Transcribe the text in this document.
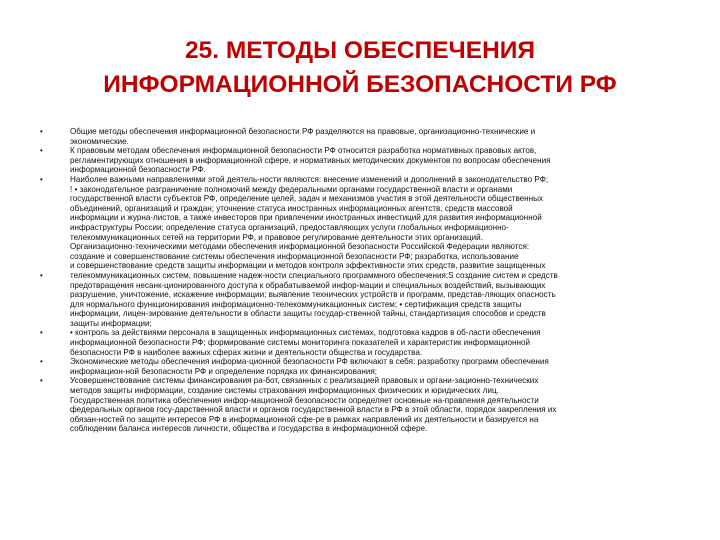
25. МЕТОДЫ ОБЕСПЕЧЕНИЯ
ИНФОРМАЦИОННОЙ БЕЗОПАСНОСТИ РФ
•	Общие методы обеспечения информационной безопасности РФ разделяются на правовые, организационно-технические и
экономические.

•	К правовым методам обеспечения информационной безопасности РФ относится разработка нормативных правовых актов,
регламентирующих отношения в информационной сфере, и нормативных методических документов по вопросам обеспечения
информационной безопасности РФ.

•	Наиболее важными направлениями этой деятель-ности являются: внесение изменений и дополнений в законодательство РФ;
! • законодательное разграничение полномочий между федеральными органами государственной власти и органами
государственной власти субъектов РФ, определение целей, задач и механизмов участия в этой деятельности общественных
объединений, организаций и граждан; уточнение статуса иностранных информационных агентств, средств массовой
информации и журна-листов, а также инвесторов при привлечении иностранных инвестиций для развития информационной
инфраструктуры России; определение статуса организаций, предоставляющих услуги глобальных информационно-
телекоммуникационных сетей на территории РФ, и правовое регулирование деятельности этих организаций.
Организационно-техническими методами обеспечения информационной безопасности Российской Федерации являются:
создание и совершенствование системы обеспечения информационной безопасности РФ; разработка, использование
и совершенствование средств защиты информации и методов контроля эффективности этих средств, развитие защищенных

•	телекоммуникационных систем, повышение надеж-ности специального программного обеспечения;S создание систем и средств
предотвращения несанк-ционированного доступа к обрабатываемой инфор-мации и специальных воздействий, вызывающих
разрушение, уничтожение, искажение информации; выявление технических устройств и программ, представ-ляющих опасность
для нормального функционирования информационно-телекоммуникационных систем; • сертификация средств защиты
информации, лицен-зирование деятельности в области защиты государ-ственной тайны, стандартизация способов и средств
защиты информации;

•	• контроль за действиями персонала в защищенных информационных системах, подготовка кадров в об-ласти обеспечения
информационной безопасности РФ; формирование системы мониторинга показателей и характеристик информационной
безопасности РФ в наиболее важных сферах жизни и деятельности общества и государства.

•	Экономические методы обеспечения информа-ционной безопасности РФ включают в себя: разработку программ обеспечения
информацион-ной безопасности РФ и определение порядка их финансирования;

•	Усовершенствование системы финансирования ра-бот, связанных с реализацией правовых и органи-зационно-технических
методов защиты информации, создание системы страхования информационных физических и юридических лиц.
Государственная политика обеспечения инфор-мационной безопасности определяет основные на-правления деятельности
федеральных органов госу-дарственной власти и органов государственной власти в РФ в этой области, порядок закрепления их
обязан-ностей по защите интересов РФ в информационной сфе-ре в рамках направлений их деятельности и базируется на
соблюдении баланса интересов личности, общества и государства в информационной сфере.
